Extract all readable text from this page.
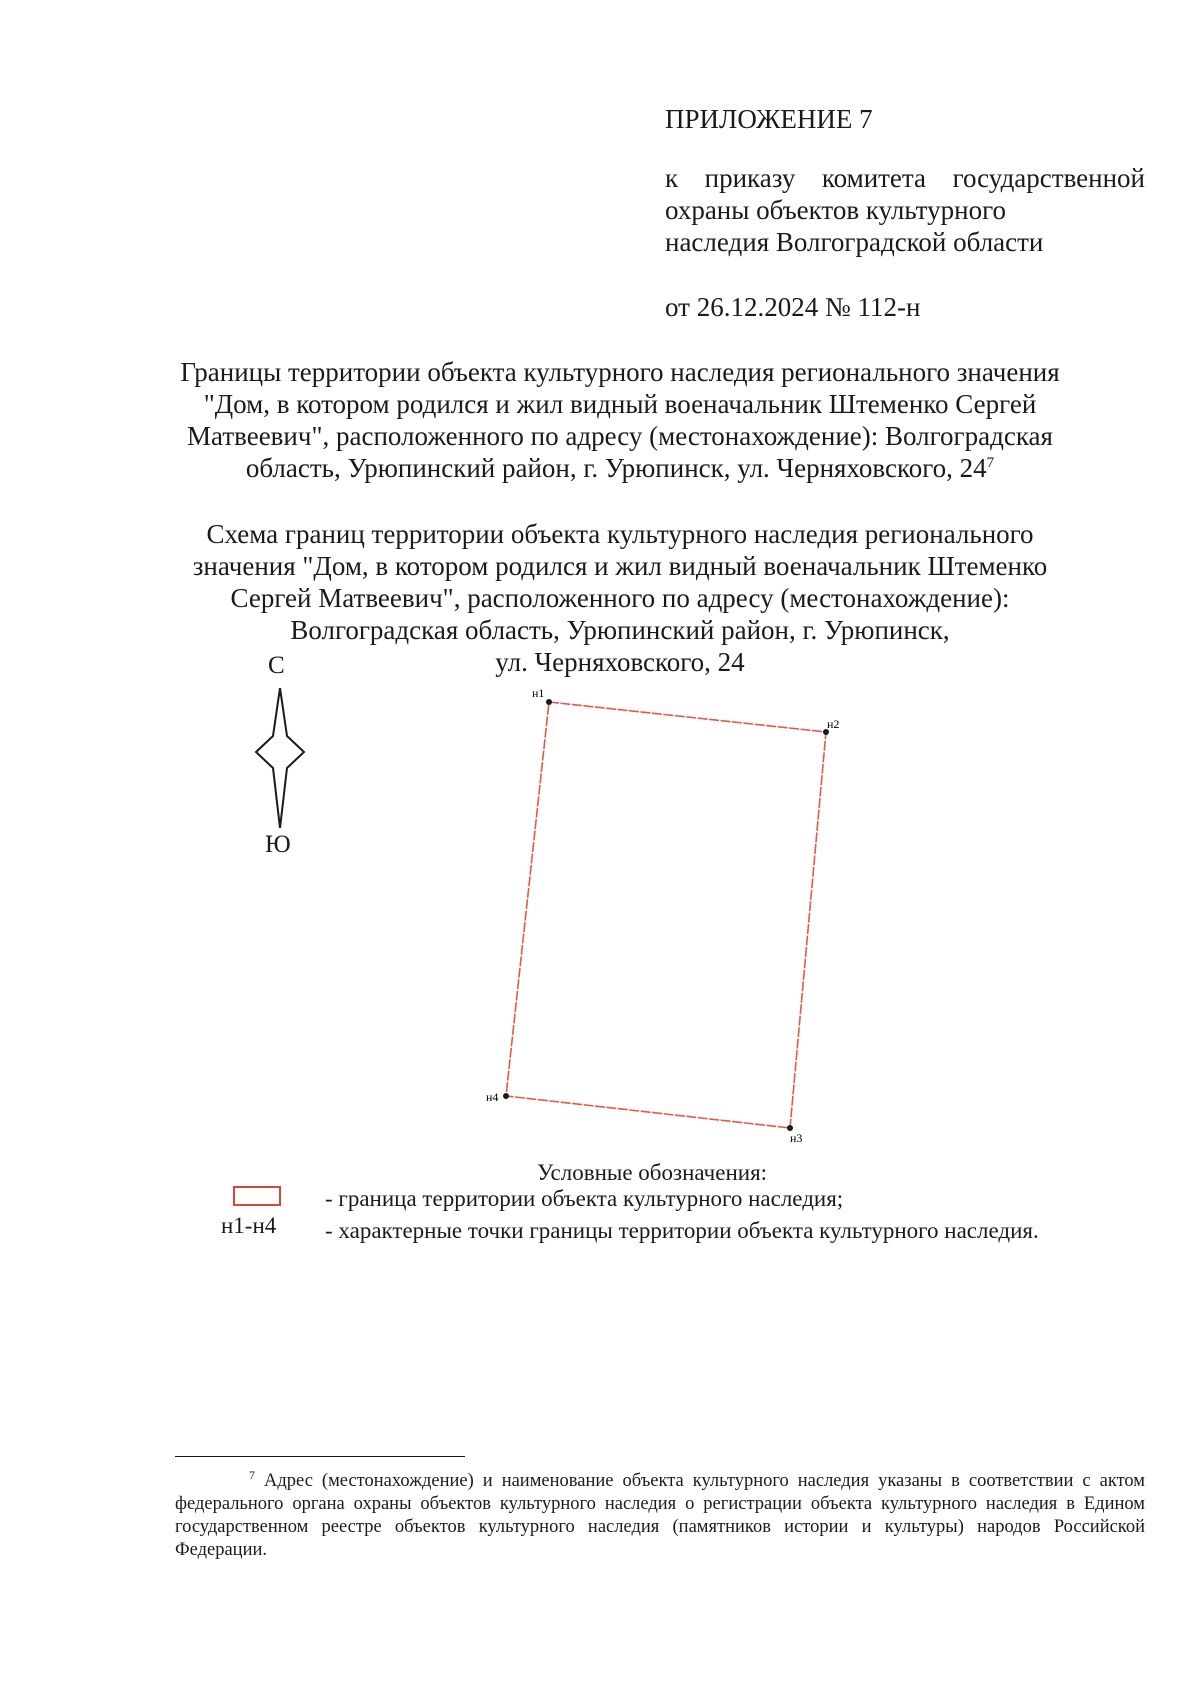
ПРИЛОЖЕНИЕ 7
к приказу комитета государственной
охраны объектов культурного
наследия Волгоградской области
от 26.12.2024 № 112-н
Границы территории объекта культурного наследия регионального значения
"Дом, в котором родился и жил видный военачальник Штеменко Сергей
Матвеевич", расположенного по адресу (местонахождение): Волгоградская
область, Урюпинский район, г. Урюпинск, ул. Черняховского, 24$^7$
Схема границ территории объекта культурного наследия регионального
значения "Дом, в котором родился и жил видный военачальник Штеменко
Сергей Матвеевич", расположенного по адресу (местонахождение):
Волгоградская область, Урюпинский район, г. Урюпинск,
ул. Черняховского, 24
С
Ю
н1
н2
н3
н4
Условные обозначения:
- граница территории объекта культурного наследия;
н1-н4 - характерные точки границы территории объекта культурного наследия.
$^7$ Адрес (местонахождение) и наименование объекта культурного наследия указаны в соответствии с актом федерального органа охраны объектов культурного наследия о регистрации объекта культурного наследия в Едином государственном реестре объектов культурного наследия (памятников истории и культуры) народов Российской Федерации.
